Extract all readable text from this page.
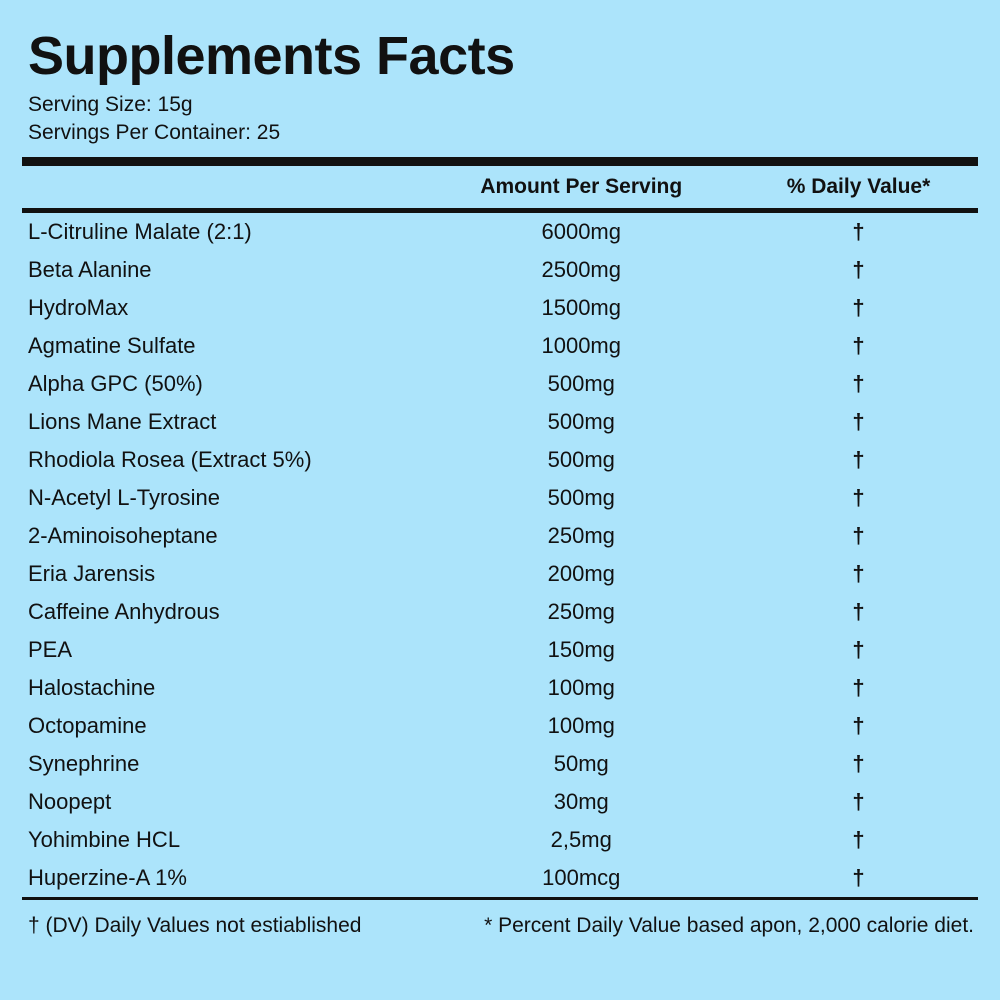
Supplements Facts
Serving Size: 15g
Servings Per Container: 25
	Amount Per Serving	% Daily Value*
L-Citruline Malate (2:1)	6000mg	†
Beta Alanine	2500mg	†
HydroMax	1500mg	†
Agmatine Sulfate	1000mg	†
Alpha GPC (50%)	500mg	†
Lions Mane Extract	500mg	†
Rhodiola Rosea (Extract 5%)	500mg	†
N-Acetyl L-Tyrosine	500mg	†
2-Aminoisoheptane	250mg	†
Eria Jarensis	200mg	†
Caffeine Anhydrous	250mg	†
PEA	150mg	†
Halostachine	100mg	†
Octopamine	100mg	†
Synephrine	50mg	†
Noopept	30mg	†
Yohimbine HCL	2,5mg	†
Huperzine-A 1%	100mcg	†
† (DV) Daily Values not estiablished	* Percent Daily Value based apon, 2,000 calorie diet.
